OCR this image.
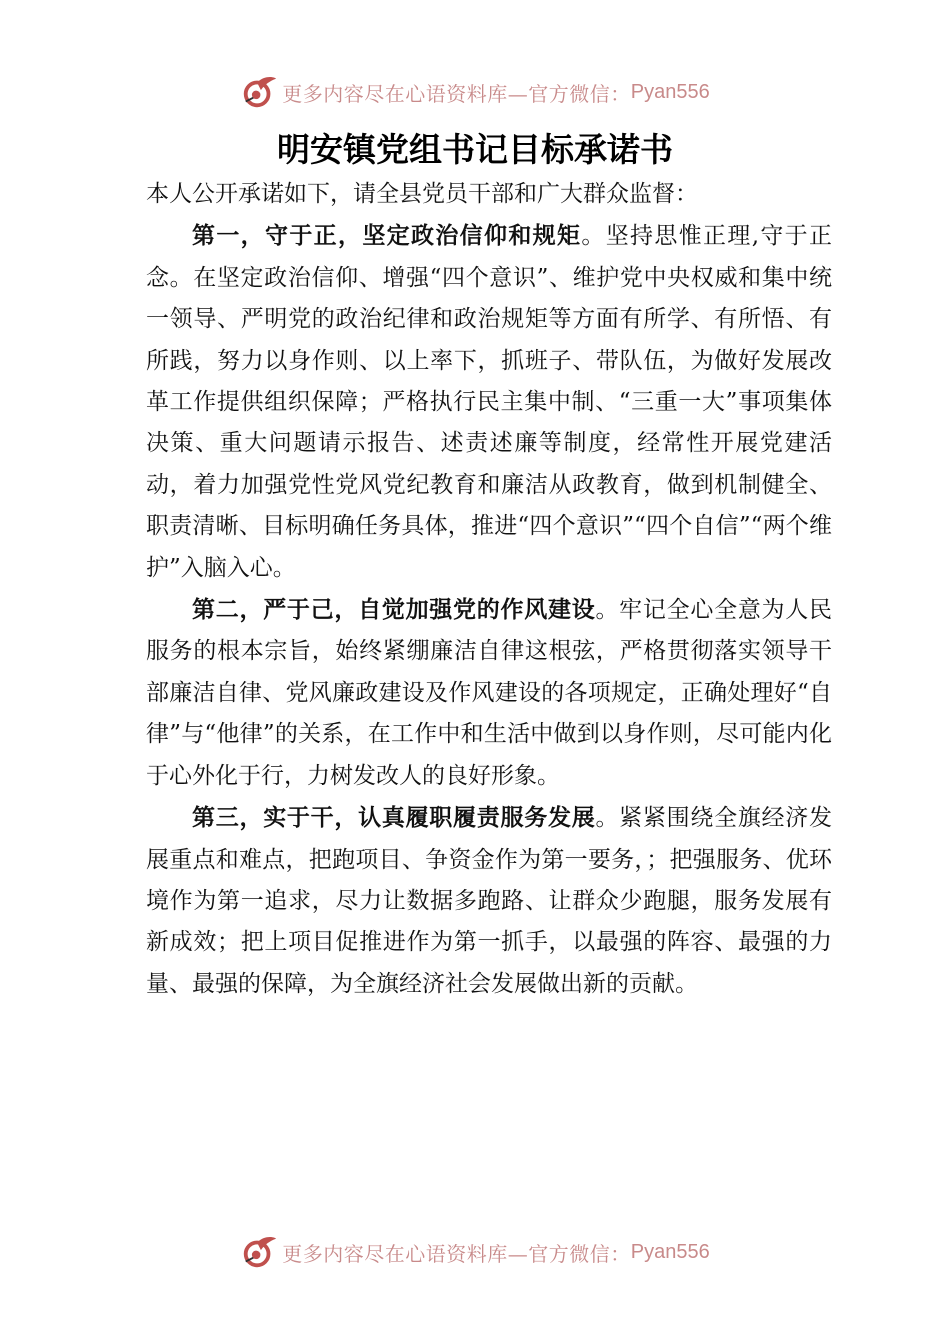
更多内容尽在心语资料库—官方微信： Pyan556
明安镇党组书记目标承诺书

本人公开承诺如下，请全县党员干部和广大群众监督：

第一，守于正，坚定政治信仰和规矩。坚持思惟正理,守于正念。在坚定政治信仰、增强“四个意识”、维护党中央权威和集中统一领导、严明党的政治纪律和政治规矩等方面有所学、有所悟、有所践，努力以身作则、以上率下，抓班子、带队伍，为做好发展改革工作提供组织保障；严格执行民主集中制、“三重一大”事项集体决策、重大问题请示报告、述责述廉等制度，经常性开展党建活动，着力加强党性党风党纪教育和廉洁从政教育，做到机制健全、职责清晰、目标明确任务具体，推进“四个意识”“四个自信”“两个维护”入脑入心。

第二，严于己，自觉加强党的作风建设。牢记全心全意为人民服务的根本宗旨，始终紧绷廉洁自律这根弦，严格贯彻落实领导干部廉洁自律、党风廉政建设及作风建设的各项规定，正确处理好“自律”与“他律”的关系，在工作中和生活中做到以身作则，尽可能内化于心外化于行，力树发改人的良好形象。

第三，实于干，认真履职履责服务发展。紧紧围绕全旗经济发展重点和难点，把跑项目、争资金作为第一要务，；把强服务、优环境作为第一追求，尽力让数据多跑路、让群众少跑腿，服务发展有新成效；把上项目促推进作为第一抓手，以最强的阵容、最强的力量、最强的保障，为全旗经济社会发展做出新的贡献。

更多内容尽在心语资料库—官方微信： Pyan556
